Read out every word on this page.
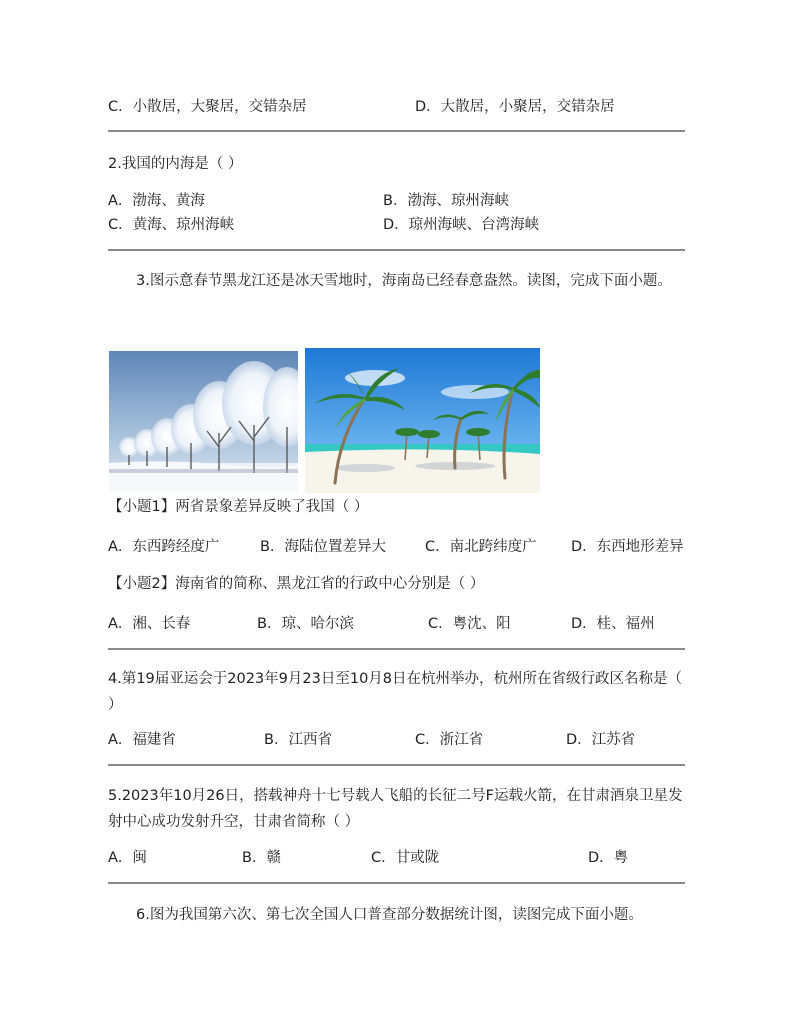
C．小散居，大聚居，交错杂居	D．大散居，小聚居，交错杂居
2.我国的内海是（ ）
A．渤海、黄海	B．渤海、琼州海峡
C．黄海、琼州海峡	D．琼州海峡、台湾海峡
3.图示意春节黑龙江还是冰天雪地时，海南岛已经春意盎然。读图，完成下面小题。
【小题1】两省景象差异反映了我国（ ）
A．东西跨经度广	B．海陆位置差异大	C．南北跨纬度广 D．东西地形差异
【小题2】海南省的简称、黑龙江省的行政中心分别是（ ）
A．湘、长春	B．琼、哈尔滨	C．粤沈、阳	D．桂、福州
4.第19届亚运会于2023年9月23日至10月8日在杭州举办，杭州所在省级行政区名称是（ ）
A．福建省	B．江西省	C．浙江省	D．江苏省
5.2023年10月26日，搭载神舟十七号载人飞船的长征二号F运载火箭，在甘肃酒泉卫星发射中心成功发射升空，甘肃省简称（ ）
A．闽	B．赣	C．甘或陇	D．粤
6.图为我国第六次、第七次全国人口普查部分数据统计图，读图完成下面小题。
